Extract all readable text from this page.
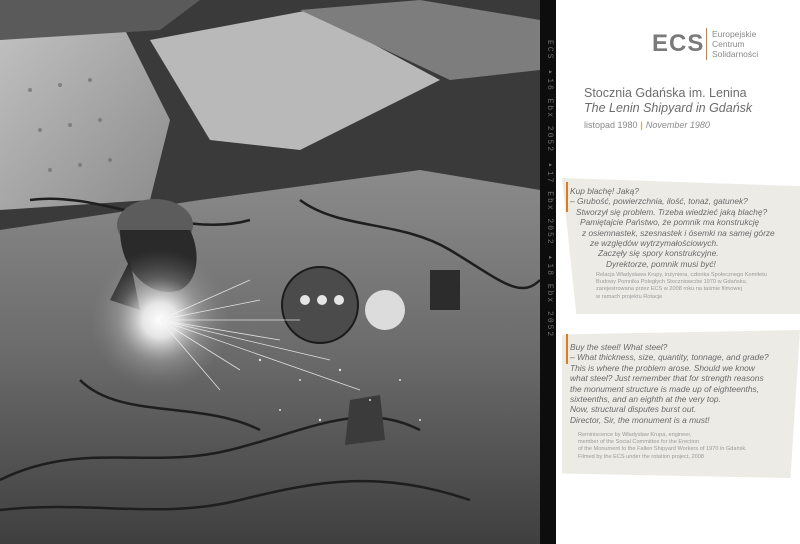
ECS ▸16 Ebx 2052 ▸17 Ebx 2052 ▸18 Ebx 2052	ECS Europejskie
Centrum
Solidarności
Stocznia Gdańska im. Lenina
The Lenin Shipyard in Gdańsk
listopad 1980 | November 1980
Kup blachę! Jaką?
– Grubość, powierzchnia, ilość, tonaż, gatunek?
Stworzył się problem. Trzeba wiedzieć jaką blachę?
Pamiętajcie Państwo, że pomnik ma konstrukcję
z osiemnastek, szesnastek i ósemki na samej górze
ze względów wytrzymałościowych.
Zaczęły się spory konstrukcyjne.
Dyrektorze, pomnik musi być!
Relacja Władysława Krupy, inżyniera, członka Społecznego Komitetu
Budowy Pomnika Poległych Stoczniowców 1970 w Gdańsku,
zarejestrowana przez ECS w 2008 roku na taśmie filmowej
w ramach projektu Rotacje
Buy the steel! What steel?
– What thickness, size, quantity, tonnage, and grade?
This is where the problem arose. Should we know
what steel? Just remember that for strength reasons
the monument structure is made up of eighteenths,
sixteenths, and an eighth at the very top.
Now, structural disputes burst out.
Director, Sir, the monument is a must!
Reminiscence by Władysław Krupa, engineer,
member of the Social Committee for the Erection
of the Monument to the Fallen Shipyard Workers of 1970 in Gdańsk.
Filmed by the ECS under the rotation project, 2008
